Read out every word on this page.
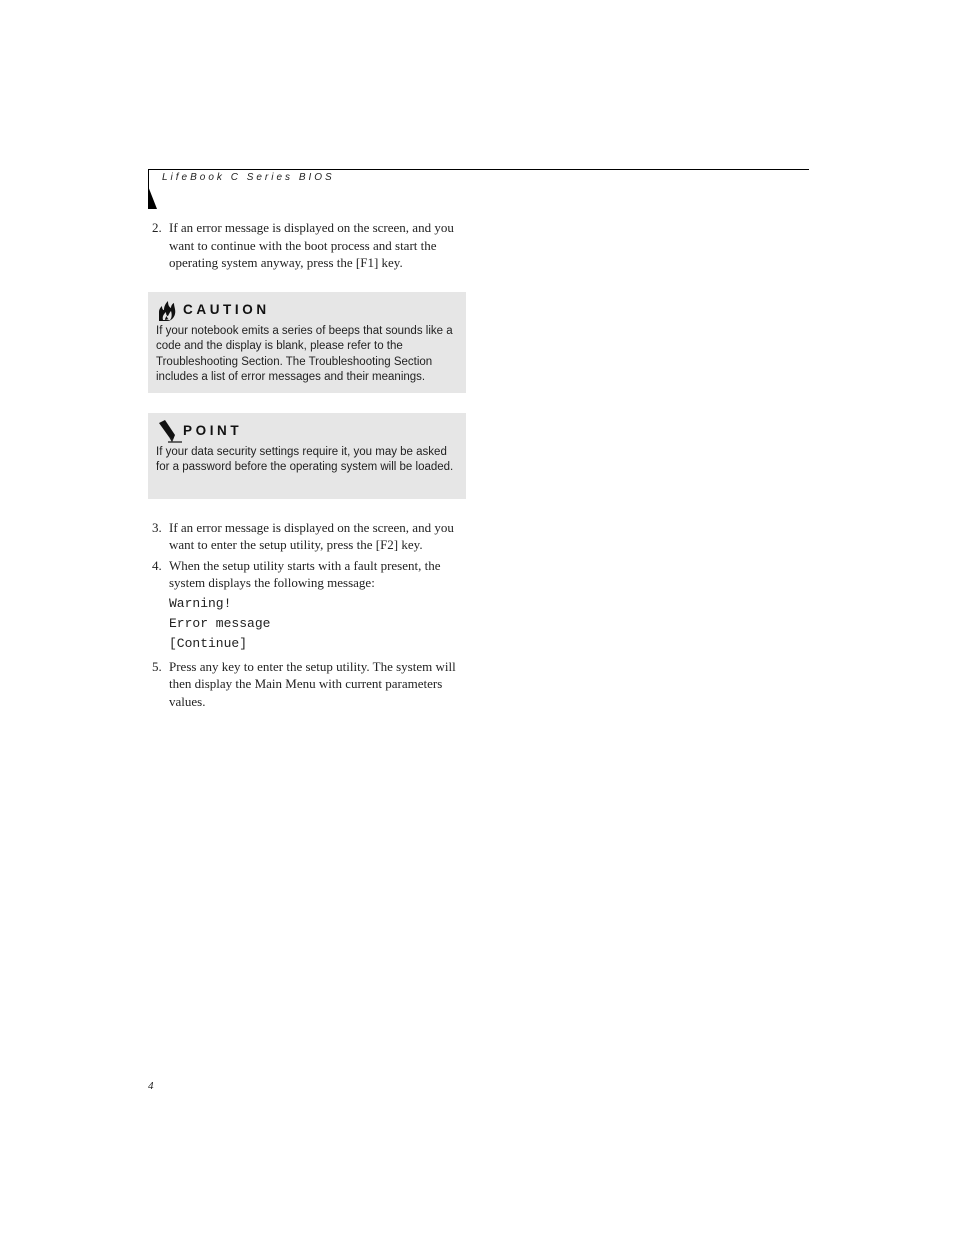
LifeBook C Series BIOS
2. If an error message is displayed on the screen, and you want to continue with the boot process and start the operating system anyway, press the [F1] key.
CAUTION
If your notebook emits a series of beeps that sounds like a code and the display is blank, please refer to the Troubleshooting Section. The Troubleshooting Section includes a list of error messages and their meanings.
POINT
If your data security settings require it, you may be asked for a password before the operating system will be loaded.
3. If an error message is displayed on the screen, and you want to enter the setup utility, press the [F2] key.
4. When the setup utility starts with a fault present, the system displays the following message:
Warning!
Error message
[Continue]
5. Press any key to enter the setup utility. The system will then display the Main Menu with current parameters values.
4
